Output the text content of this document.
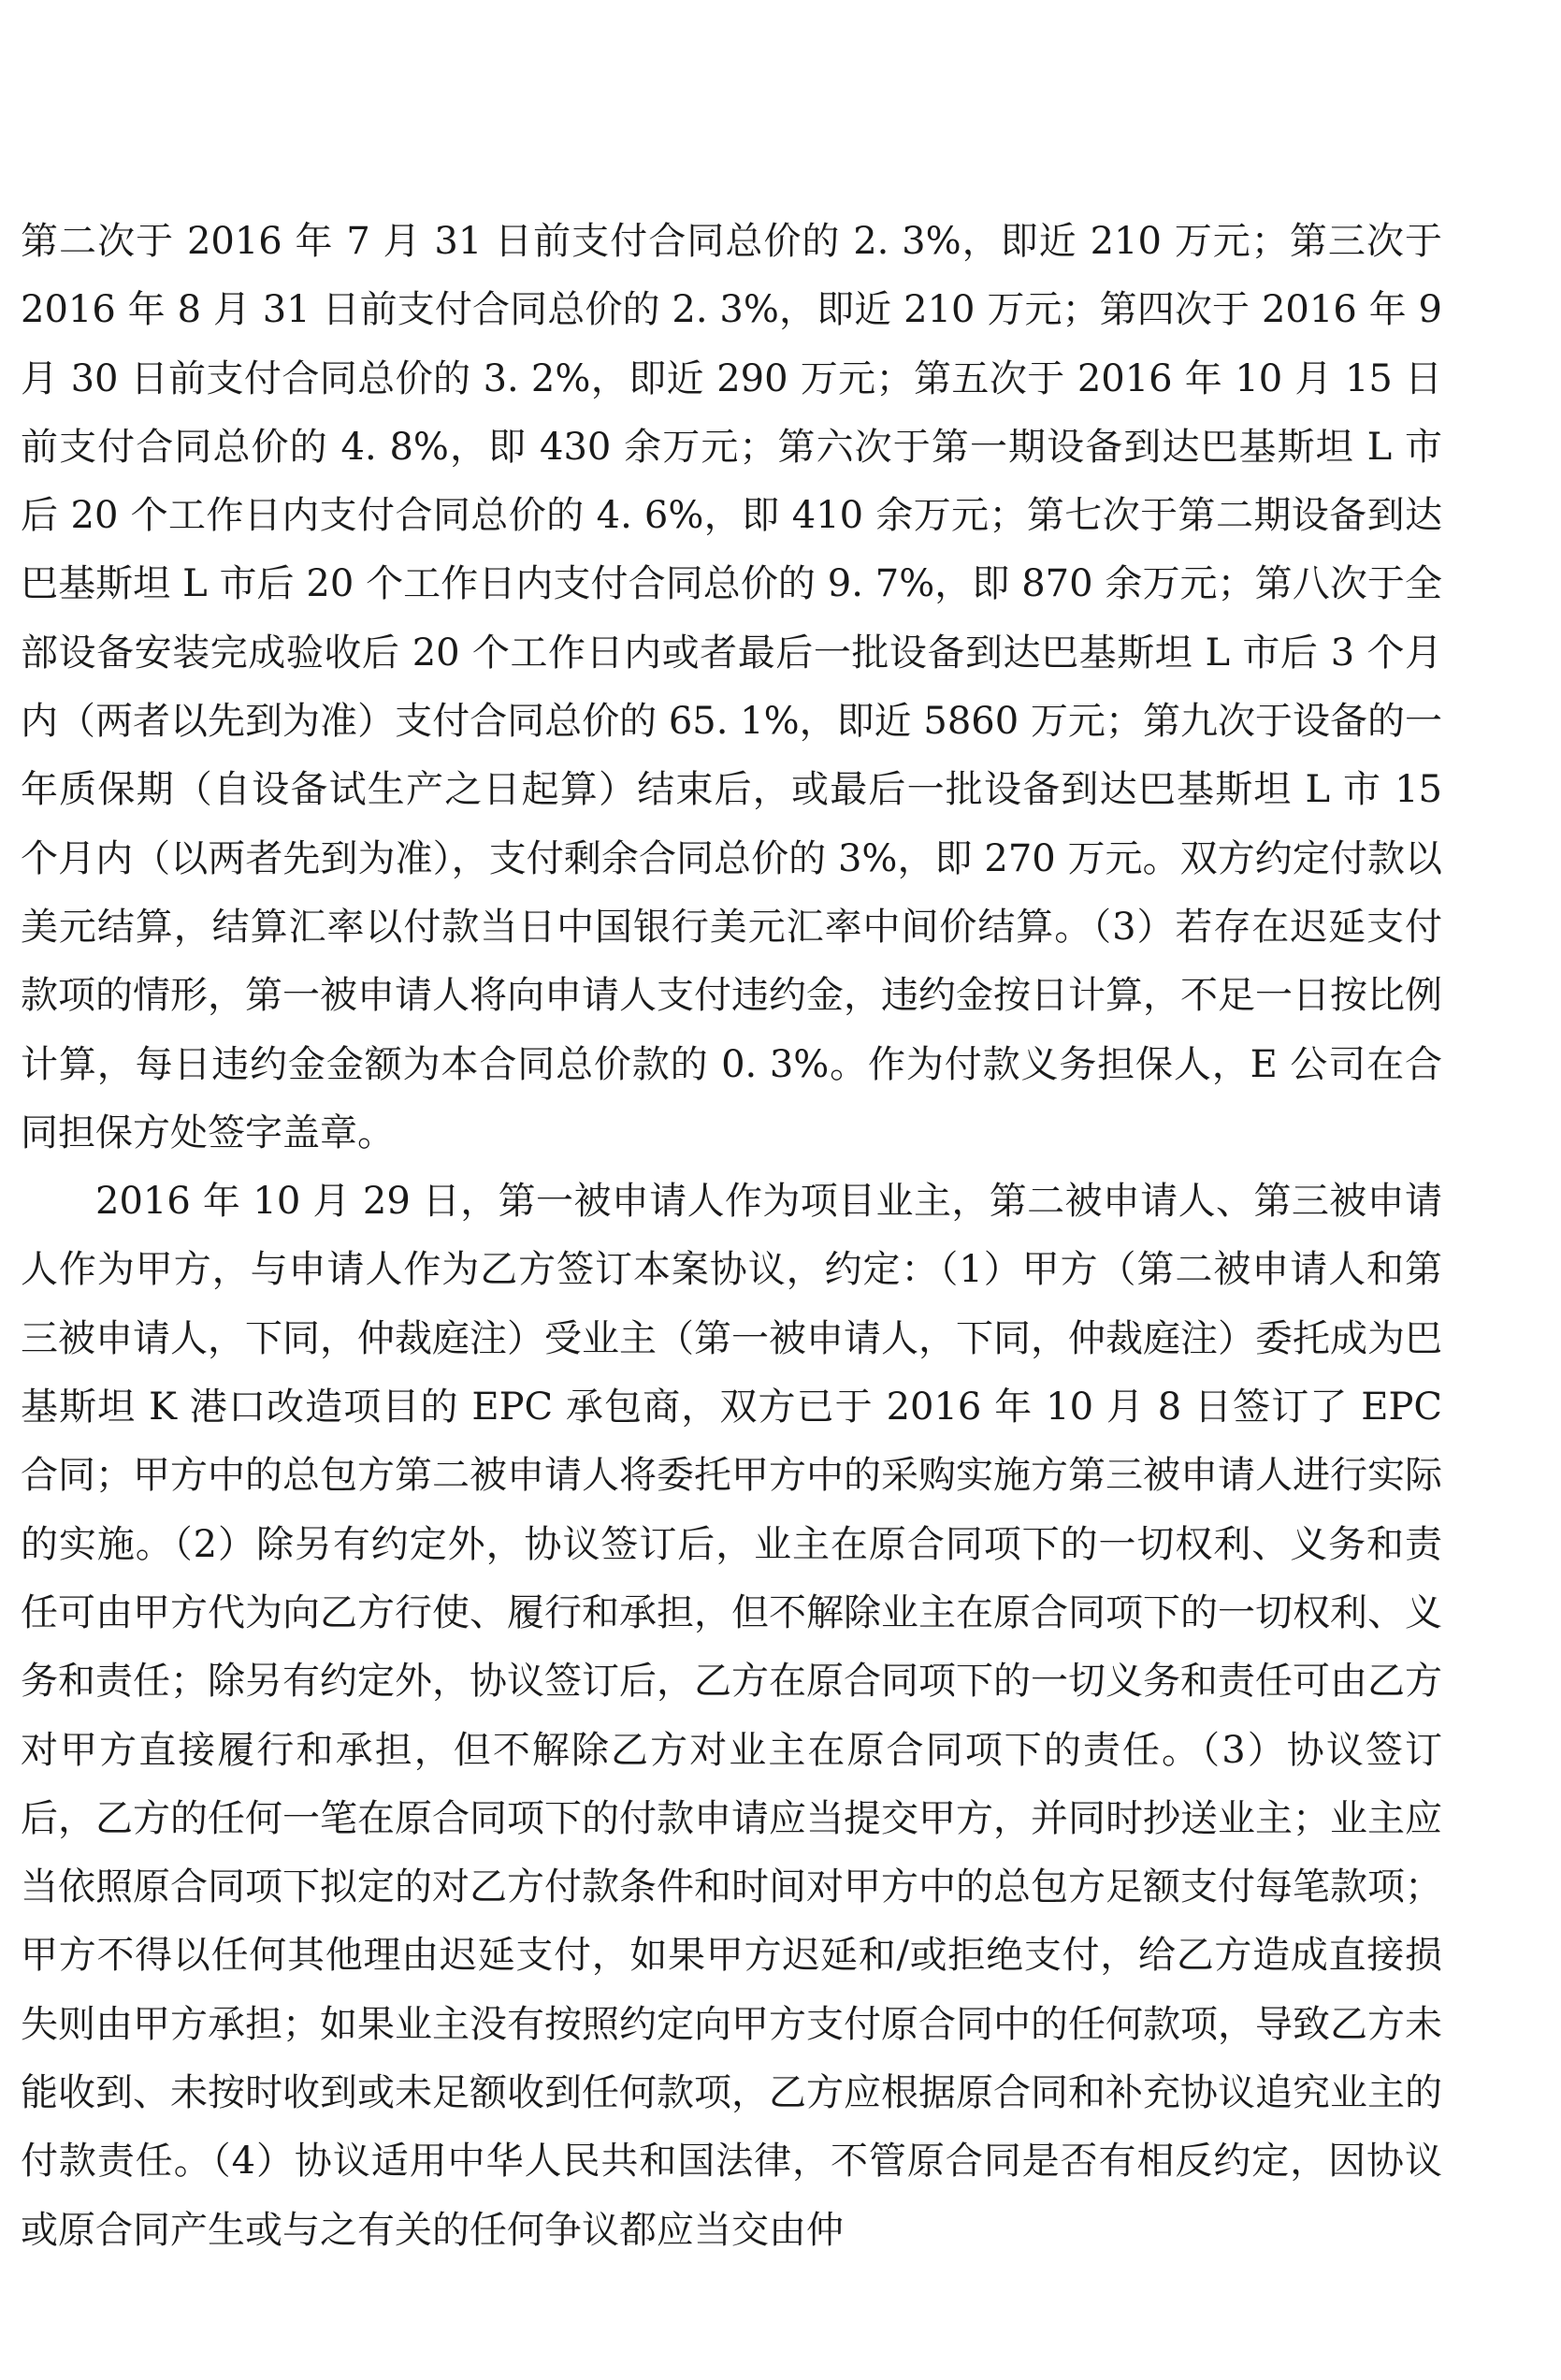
第二次于 2016 年 7 月 31 日前支付合同总价的 2. 3%，即近 210 万元；第三次于 2016 年 8 月 31 日前支付合同总价的 2. 3%，即近 210 万元；第四次于 2016 年 9 月 30 日前支付合同总价的 3. 2%，即近 290 万元；第五次于 2016 年 10 月 15 日前支付合同总价的 4. 8%，即 430 余万元；第六次于第一期设备到达巴基斯坦 L 市后 20 个工作日内支付合同总价的 4. 6%，即 410 余万元；第七次于第二期设备到达巴基斯坦 L 市后 20 个工作日内支付合同总价的 9. 7%，即 870 余万元；第八次于全部设备安装完成验收后 20 个工作日内或者最后一批设备到达巴基斯坦 L 市后 3 个月内（两者以先到为准）支付合同总价的 65. 1%，即近 5860 万元；第九次于设备的一年质保期（自设备试生产之日起算）结束后，或最后一批设备到达巴基斯坦 L 市 15 个月内（以两者先到为准），支付剩余合同总价的 3%，即 270 万元。双方约定付款以美元结算，结算汇率以付款当日中国银行美元汇率中间价结算。（3）若存在迟延支付款项的情形，第一被申请人将向申请人支付违约金，违约金按日计算，不足一日按比例计算，每日违约金金额为本合同总价款的 0. 3%。作为付款义务担保人，E 公司在合同担保方处签字盖章。

2016 年 10 月 29 日，第一被申请人作为项目业主，第二被申请人、第三被申请人作为甲方，与申请人作为乙方签订本案协议，约定：（1）甲方（第二被申请人和第三被申请人，下同，仲裁庭注）受业主（第一被申请人，下同，仲裁庭注）委托成为巴基斯坦 K 港口改造项目的 EPC 承包商，双方已于 2016 年 10 月 8 日签订了 EPC 合同；甲方中的总包方第二被申请人将委托甲方中的采购实施方第三被申请人进行实际的实施。（2）除另有约定外，协议签订后，业主在原合同项下的一切权利、义务和责任可由甲方代为向乙方行使、履行和承担，但不解除业主在原合同项下的一切权利、义务和责任；除另有约定外，协议签订后，乙方在原合同项下的一切义务和责任可由乙方对甲方直接履行和承担，但不解除乙方对业主在原合同项下的责任。（3）协议签订后，乙方的任何一笔在原合同项下的付款申请应当提交甲方，并同时抄送业主；业主应当依照原合同项下拟定的对乙方付款条件和时间对甲方中的总包方足额支付每笔款项；甲方不得以任何其他理由迟延支付，如果甲方迟延和/或拒绝支付，给乙方造成直接损失则由甲方承担；如果业主没有按照约定向甲方支付原合同中的任何款项，导致乙方未能收到、未按时收到或未足额收到任何款项，乙方应根据原合同和补充协议追究业主的付款责任。（4）协议适用中华人民共和国法律，不管原合同是否有相反约定，因协议或原合同产生或与之有关的任何争议都应当交由仲
